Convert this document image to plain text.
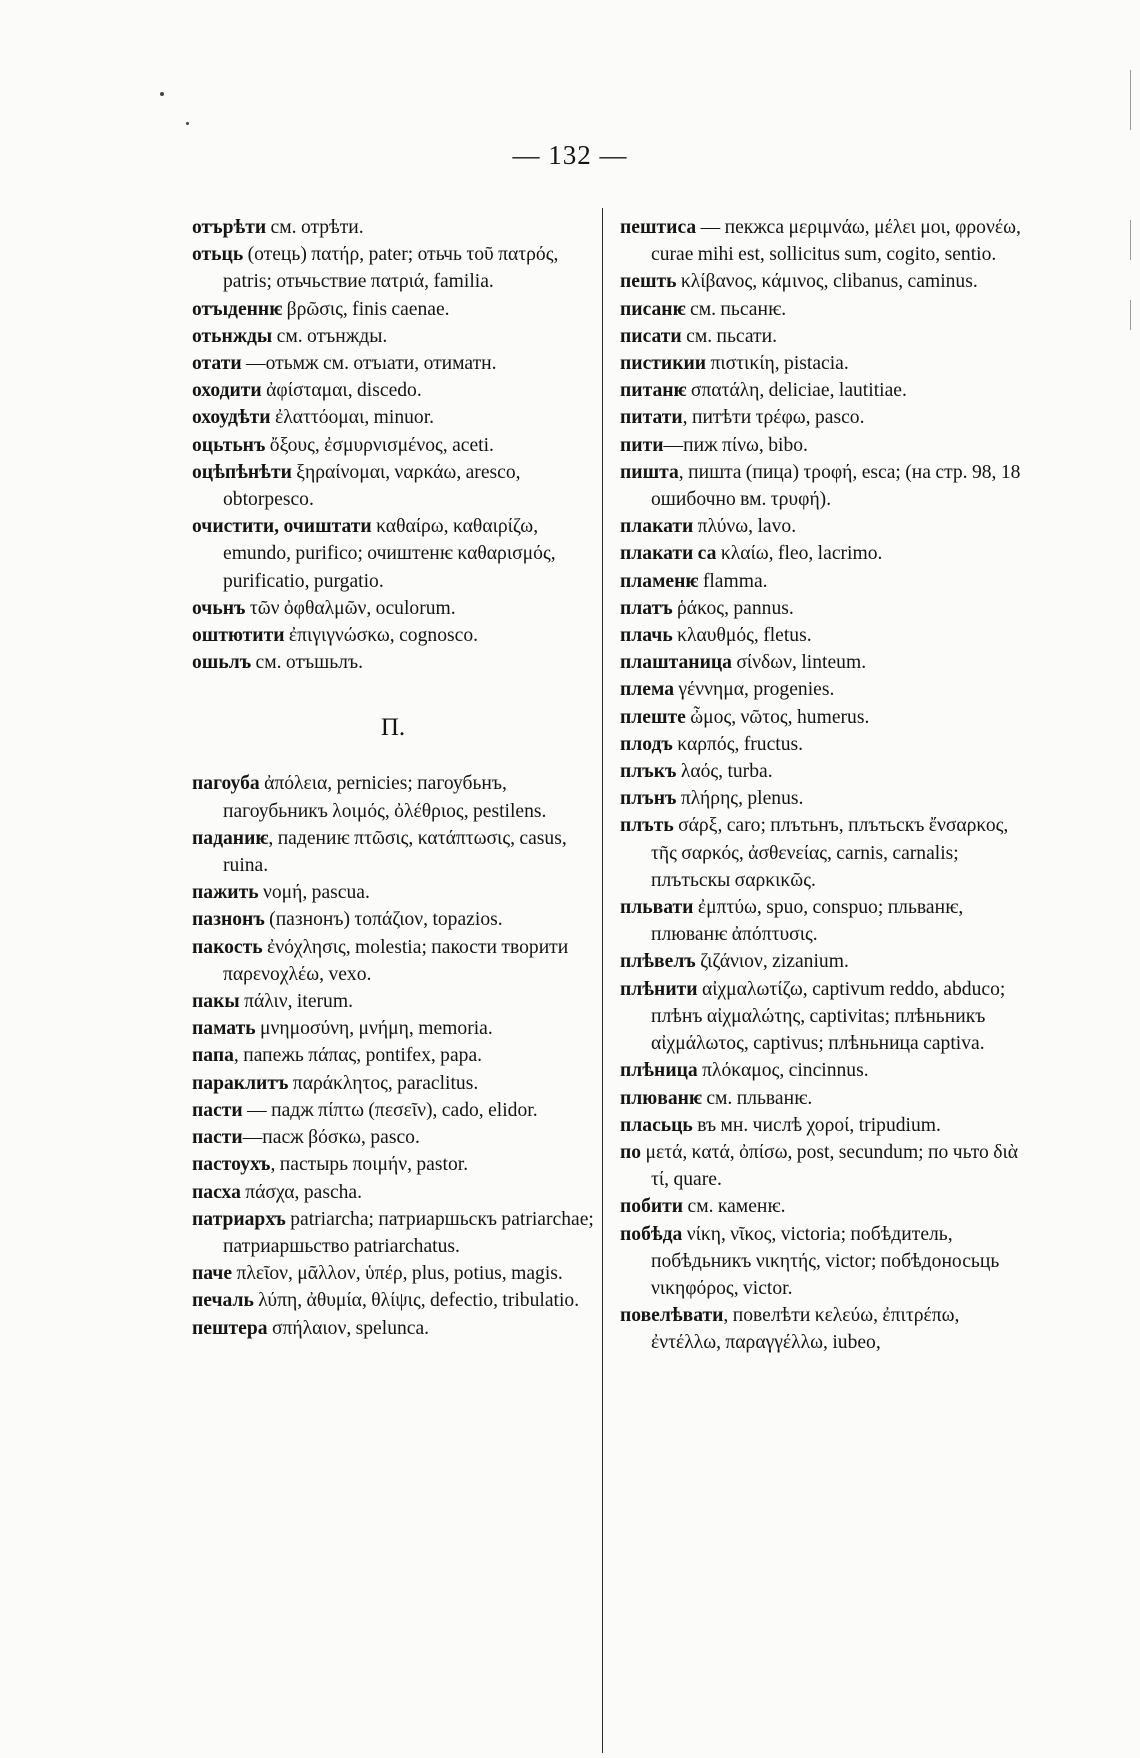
— 132 —
отърѣти см. отрѣти.
отьць (отець) πατήρ, pater; отьчь τοῦ πατρός, patris; отьчьствие πατριά, familia.
отъıденнѥ βρῶσις, finis caenae.
отьнжды см. отънжды.
отати —отьмж см. отъıати, отиматн.
оходити ἀφίσταμαι, discedo.
охоудѣти ἐλαττόομαι, minuor.
оцьтьнъ ὄξους, ἐσμυρνισμένος, aceti.
оцѣпѣнѣти ξηραίνομαι, ναρκάω, aresco, obtorpesco.
очистити, очиштати καθαίρω, καθαιρίζω, emundo, purifico; очиштенѥ καθαρισμός, purificatio, purgatio.
очьнъ τῶν ὀφθαλμῶν, oculorum.
оштютити ἐπιγιγνώσκω, cognosco.
ошьлъ см. отъшьлъ.
П.
пагоуба ἀπόλεια, pernicies; пагоубьнъ, пагоубьникъ λοιμός, ὀλέθριος, pestilens.
паданиѥ, падениѥ πτῶσις, κατάπτωσις, casus, ruina.
пажить νομή, pascua.
пазнонъ (пазнонъ) τοπάζιον, topazios.
пакость ἐνόχλησις, molestia; пакости творити παρενοχλέω, vexo.
пакы πάλιν, iterum.
памать μνημοσύνη, μνήμη, memoria.
папа, папежь πάπας, pontifex, papa.
параклитъ παράκλητος, paraclitus.
пасти — падж πίπτω (πεσεῖν), cado, elidor.
пасти—пасж βόσκω, pasco.
пастоухъ, пастырь ποιμήν, pastor.
пасха πάσχα, pascha.
патриархъ patriarcha; патриаршьскъ patriarchae; патриаршьство patriarchatus.
паче πλεῖον, μᾶλλον, ὑπέρ, plus, potius, magis.
печаль λύπη, ἀθυμία, θλίψις, defectio, tribulatio.
пештера σπήλαιον, spelunca.
пештиса — пекжса μεριμνάω, μέλει μοι, φρονέω, curae mihi est, sollicitus sum, cogito, sentio.
пешть κλίβανος, κάμινος, clibanus, caminus.
писанѥ см. пьсанѥ.
писати см. пьсати.
пистикии πιστικίη, pistacia.
питанѥ σπατάλη, deliciae, lautitiae.
питати, питѣти τρέφω, pasco.
пити—пиж πίνω, bibo.
пишта, пиштa (пица) τροφή, esca; (на стр. 98, 18 ошибочно вм. τρυφή).
плакати πλύνω, lavo.
плакати са κλαίω, fleo, lacrimo.
пламенѥ flamma.
платъ ῥάκος, pannus.
плачь κλαυθμός, fletus.
плаштаница σίνδων, linteum.
плема γέννημα, progenies.
плеште ὦμος, νῶτος, humerus.
плодъ καρπός, fructus.
плъкъ λαός, turba.
плънъ πλήρης, plenus.
плъть σάρξ, caro; плътьнъ, плътьскъ ἔνσαρκος, τῆς σαρκός, ἀσθενείας, carnis, carnalis; плътьскы σαρκικῶς.
пльвати ἐμπτύω, spuo, conspuo; пльванѥ, плюванѥ ἀπόπτυσις.
плѣвелъ ζιζάνιον, zizanium.
плѣнити αἰχμαλωτίζω, captivum reddo, abduco; плѣнъ αἰχμαλώτης, captivitas; плѣньникъ αἰχμάλωτος, captivus; плѣньница captiva.
плѣница πλόκαμος, cincinnus.
плюванѥ см. пльванѥ.
пласьць въ мн. числѣ χοροί, tripudium.
по μετά, κατά, ὀπίσω, post, secundum; по чьто διὰ τί, quare.
побити см. каменѥ.
побѣда νίκη, νῖκος, victoria; побѣдитель, побѣдьникъ νικητής, victor; побѣдоносьць νικηφόρος, victor.
повелѣвати, повелѣти κελεύω, ἐπιτρέπω, ἐντέλλω, παραγγέλλω, iubeo,
